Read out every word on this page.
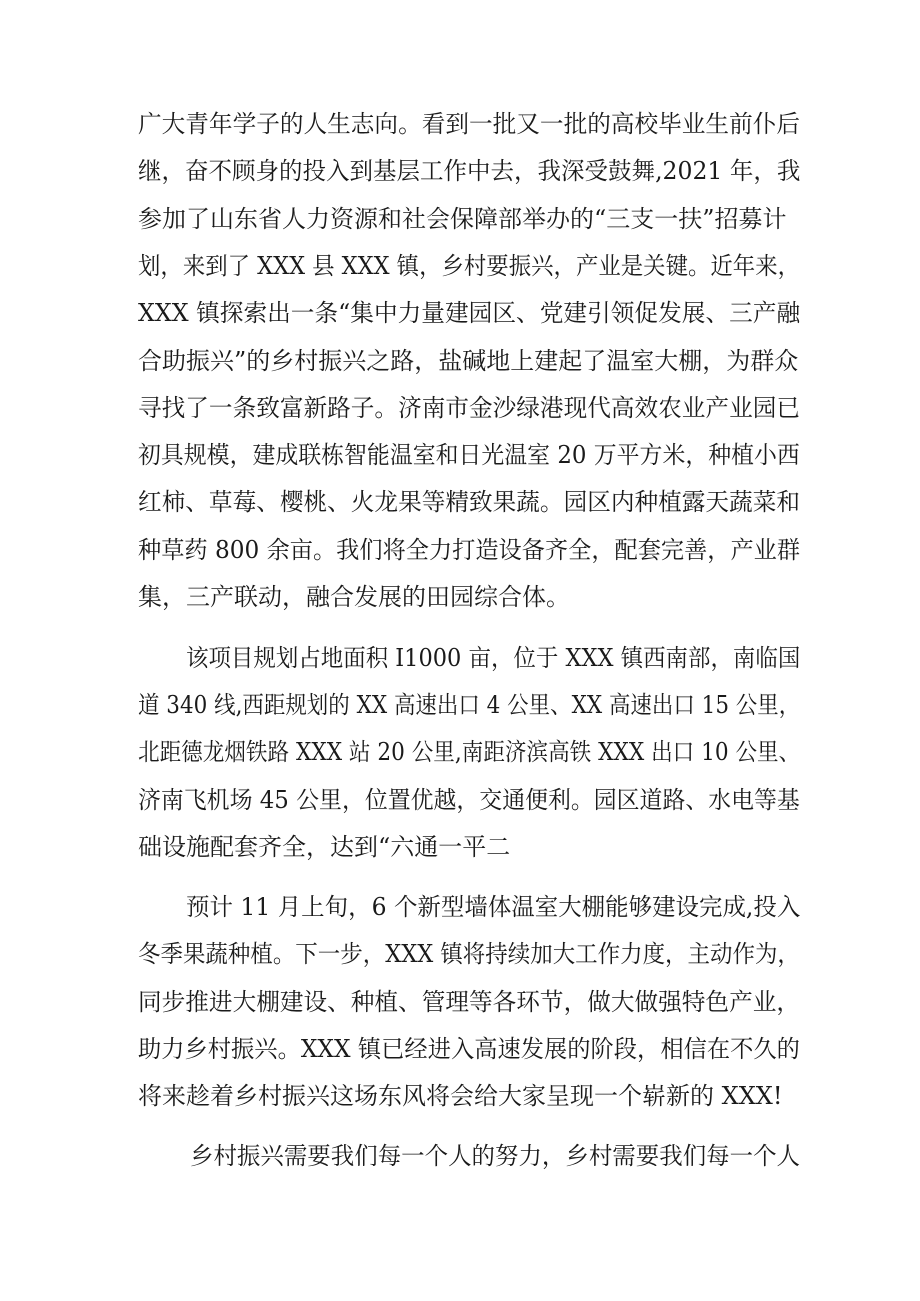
广大青年学子的人生志向。看到一批又一批的高校毕业生前仆后
继，奋不顾身的投入到基层工作中去，我深受鼓舞,2021 年，我
参加了山东省人力资源和社会保障部举办的“三支一扶”招募计
划，来到了 XXX 县 XXX 镇，乡村要振兴，产业是关键。近年来，
XXX 镇探索出一条“集中力量建园区、党建引领促发展、三产融
合助振兴”的乡村振兴之路，盐碱地上建起了温室大棚，为群众
寻找了一条致富新路子。济南市金沙绿港现代高效农业产业园已
初具规模，建成联栋智能温室和日光温室 20 万平方米，种植小西
红柿、草莓、樱桃、火龙果等精致果蔬。园区内种植露天蔬菜和
种草药 800 余亩。我们将全力打造设备齐全，配套完善，产业群
集，三产联动，融合发展的田园综合体。
该项目规划占地面积 I1000 亩，位于 XXX 镇西南部，南临国
道 340 线,西距规划的 XX 高速出口 4 公里、XX 高速出口 15 公里，
北距德龙烟铁路 XXX 站 20 公里,南距济滨高铁 XXX 出口 10 公里、
济南飞机场 45 公里，位置优越，交通便利。园区道路、水电等基
础设施配套齐全，达到“六通一平二
预计 11 月上旬，6 个新型墙体温室大棚能够建设完成,投入
冬季果蔬种植。下一步，XXX 镇将持续加大工作力度，主动作为，
同步推进大棚建设、种植、管理等各环节，做大做强特色产业，
助力乡村振兴。XXX 镇已经进入高速发展的阶段，相信在不久的
将来趁着乡村振兴这场东风将会给大家呈现一个崭新的 XXX!
乡村振兴需要我们每一个人的努力，乡村需要我们每一个人
